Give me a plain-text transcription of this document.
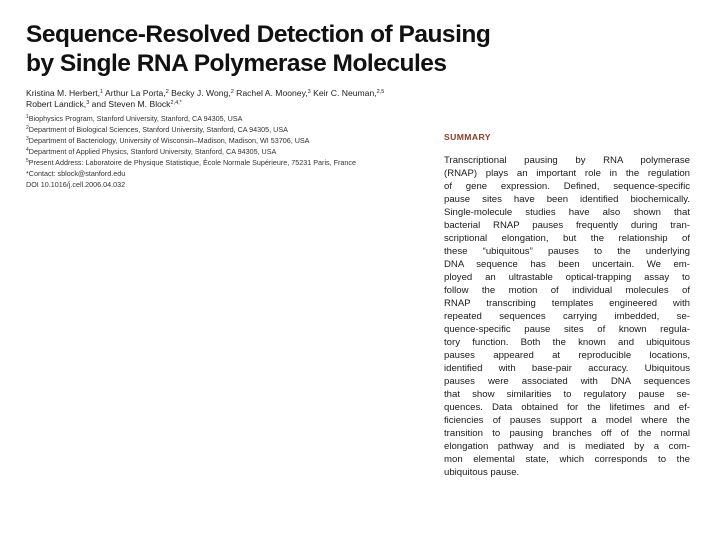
Sequence-Resolved Detection of Pausing
by Single RNA Polymerase Molecules
Kristina M. Herbert,$^1$ Arthur La Porta,$^2$ Becky J. Wong,$^2$ Rachel A. Mooney,$^3$ Keir C. Neuman,$^{2,5}$
Robert Landick,$^3$ and Steven M. Block$^{2,4,*}$
$^1$Biophysics Program, Stanford University, Stanford, CA 94305, USA
$^2$Department of Biological Sciences, Stanford University, Stanford, CA 94305, USA
$^3$Department of Bacteriology, University of Wisconsin–Madison, Madison, WI 53706, USA
$^4$Department of Applied Physics, Stanford University, Stanford, CA 94305, USA
$^5$Present Address: Laboratoire de Physique Statistique, École Normale Supérieure, 75231 Paris, France
*Contact: sblock@stanford.edu
DOI 10.1016/j.cell.2006.04.032
SUMMARY
Transcriptional pausing by RNA polymerase
(RNAP) plays an important role in the regulation
of gene expression. Defined, sequence-specific
pause sites have been identified biochemically.
Single-molecule studies have also shown that
bacterial RNAP pauses frequently during tran-
scriptional elongation, but the relationship of
these “ubiquitous” pauses to the underlying
DNA sequence has been uncertain. We em-
ployed an ultrastable optical-trapping assay to
follow the motion of individual molecules of
RNAP transcribing templates engineered with
repeated sequences carrying imbedded, se-
quence-specific pause sites of known regula-
tory function. Both the known and ubiquitous
pauses appeared at reproducible locations,
identified with base-pair accuracy. Ubiquitous
pauses were associated with DNA sequences
that show similarities to regulatory pause se-
quences. Data obtained for the lifetimes and ef-
ficiencies of pauses support a model where the
transition to pausing branches off of the normal
elongation pathway and is mediated by a com-
mon elemental state, which corresponds to the
ubiquitous pause.
